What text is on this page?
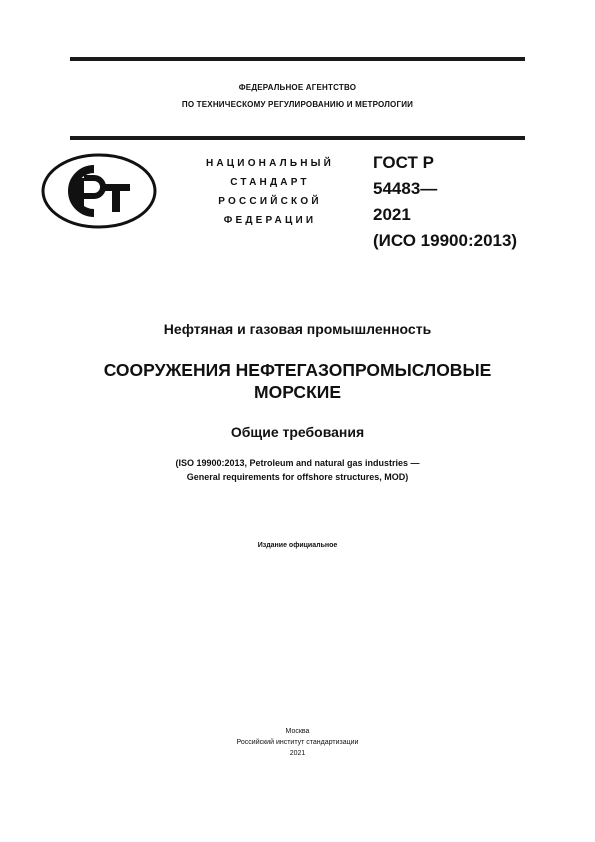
ФЕДЕРАЛЬНОЕ АГЕНТСТВО
ПО ТЕХНИЧЕСКОМУ РЕГУЛИРОВАНИЮ И МЕТРОЛОГИИ
НАЦИОНАЛЬНЫЙ
СТАНДАРТ
РОССИЙСКОЙ
ФЕДЕРАЦИИ
ГОСТ Р
54483—
2021
(ИСО 19900:2013)
Нефтяная и газовая промышленность
СООРУЖЕНИЯ НЕФТЕГАЗОПРОМЫСЛОВЫЕ
МОРСКИЕ
Общие требования
(ISO 19900:2013, Petroleum and natural gas industries —
General requirements for offshore structures, MOD)
Издание официальное
Москва
Российский институт стандартизации
2021
